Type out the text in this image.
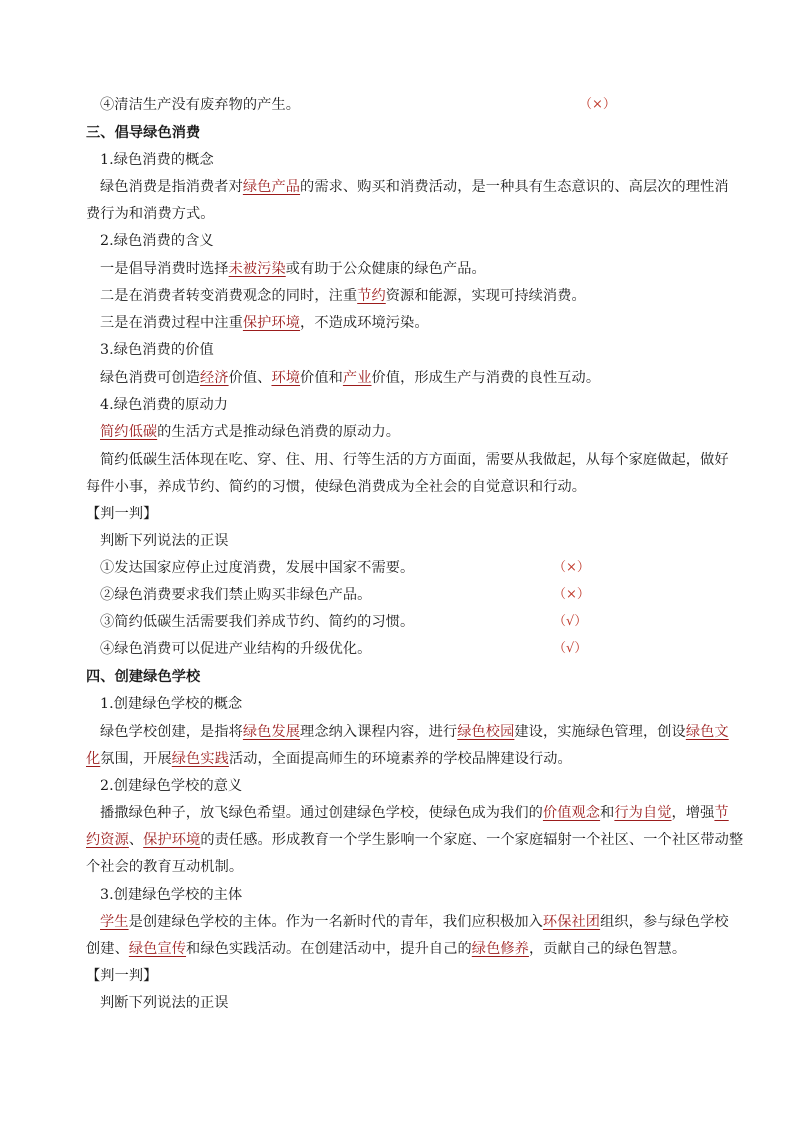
④清洁生产没有废弃物的产生。	（×）
三、倡导绿色消费
1.绿色消费的概念
绿色消费是指消费者对绿色产品的需求、购买和消费活动，是一种具有生态意识的、高层次的理性消
费行为和消费方式。
2.绿色消费的含义
一是倡导消费时选择未被污染或有助于公众健康的绿色产品。
二是在消费者转变消费观念的同时，注重节约资源和能源，实现可持续消费。
三是在消费过程中注重保护环境，不造成环境污染。
3.绿色消费的价值
绿色消费可创造经济价值、环境价值和产业价值，形成生产与消费的良性互动。
4.绿色消费的原动力
简约低碳的生活方式是推动绿色消费的原动力。
简约低碳生活体现在吃、穿、住、用、行等生活的方方面面，需要从我做起，从每个家庭做起，做好
每件小事，养成节约、简约的习惯，使绿色消费成为全社会的自觉意识和行动。
【判一判】
判断下列说法的正误
①发达国家应停止过度消费，发展中国家不需要。	（×）
②绿色消费要求我们禁止购买非绿色产品。	（×）
③简约低碳生活需要我们养成节约、简约的习惯。	（√）
④绿色消费可以促进产业结构的升级优化。	（√）
四、创建绿色学校
1.创建绿色学校的概念
绿色学校创建，是指将绿色发展理念纳入课程内容，进行绿色校园建设，实施绿色管理，创设绿色文
化氛围，开展绿色实践活动，全面提高师生的环境素养的学校品牌建设行动。
2.创建绿色学校的意义
播撒绿色种子，放飞绿色希望。通过创建绿色学校，使绿色成为我们的价值观念和行为自觉，增强节
约资源、保护环境的责任感。形成教育一个学生影响一个家庭、一个家庭辐射一个社区、一个社区带动整
个社会的教育互动机制。
3.创建绿色学校的主体
学生是创建绿色学校的主体。作为一名新时代的青年，我们应积极加入环保社团组织，参与绿色学校
创建、绿色宣传和绿色实践活动。在创建活动中，提升自己的绿色修养，贡献自己的绿色智慧。
【判一判】
判断下列说法的正误
